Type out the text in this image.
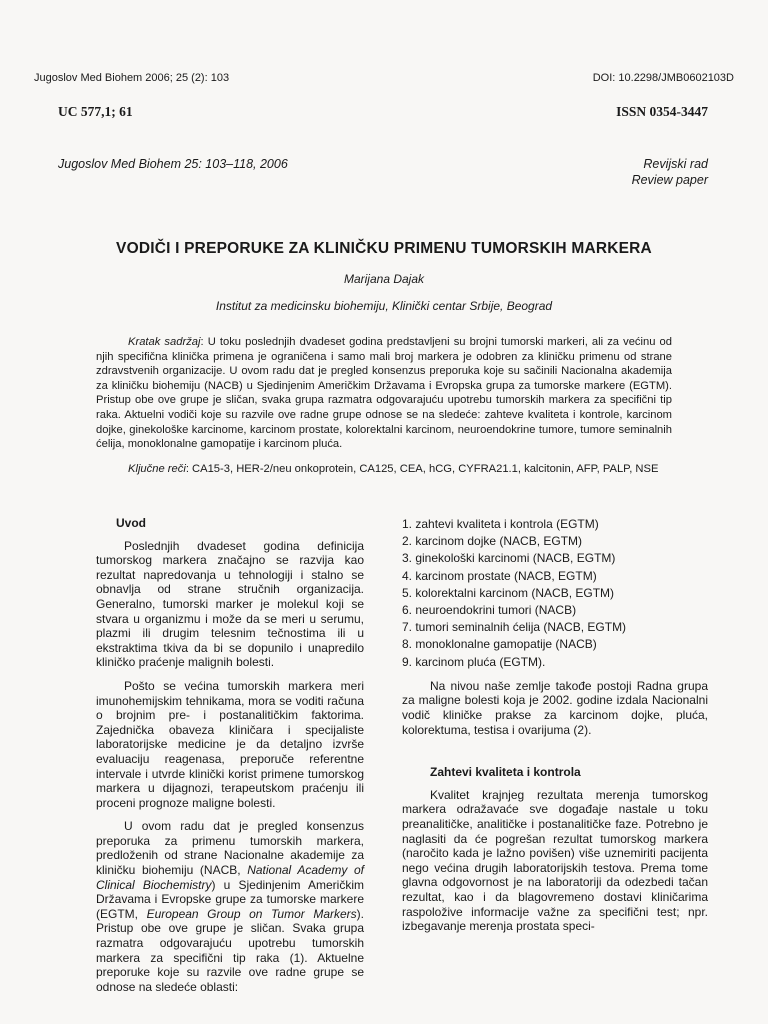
Jugoslov Med Biohem 2006; 25 (2): 103	DOI: 10.2298/JMB0602103D
UC 577,1; 61	ISSN 0354-3447
Jugoslov Med Biohem 25: 103–118, 2006	Revijski rad
Review paper
VODIČI I PREPORUKE ZA KLINIČKU PRIMENU TUMORSKIH MARKERA
Marijana Dajak
Institut za medicinsku biohemiju, Klinički centar Srbije, Beograd

Kratak sadržaj: U toku poslednjih dvadeset godina predstavljeni su brojni tumorski markeri, ali za većinu od njih specifična klinička primena je ograničena i samo mali broj markera je odobren za kliničku primenu od strane zdravstvenih organizacije. U ovom radu dat je pregled konsenzus preporuka koje su sačinili Nacionalna akademija za kliničku biohemiju (NACB) u Sjedinjenim Američkim Državama i Evropska grupa za tumorske markere (EGTM). Pristup obe ove grupe je sličan, svaka grupa razmatra odgovarajuću upotrebu tumorskih markera za specifični tip raka. Aktuelni vodiči koje su razvile ove radne grupe odnose se na sledeće: zahteve kvaliteta i kontrole, karcinom dojke, ginekološke karcinome, karcinom prostate, kolorektalni karcinom, neuroendokrine tumore, tumore seminalnih ćelija, monoklonalne gamopatije i karcinom pluća.

Ključne reči: CA15-3, HER-2/neu onkoprotein, CA125, CEA, hCG, CYFRA21.1, kalcitonin, AFP, PALP, NSE

Uvod

Poslednjih dvadeset godina definicija tumorskog markera značajno se razvija kao rezultat napredovanja u tehnologiji i stalno se obnavlja od strane stručnih organizacija. Generalno, tumorski marker je molekul koji se stvara u organizmu i može da se meri u serumu, plazmi ili drugim telesnim tečnostima ili u ekstraktima tkiva da bi se dopunilo i unapredilo kliničko praćenje malignih bolesti.

Pošto se većina tumorskih markera meri imunohemijskim tehnikama, mora se voditi računa o brojnim pre- i postanalitičkim faktorima. Zajednička obaveza kliničara i specijaliste laboratorijske medicine je da detaljno izvrše evaluaciju reagenasa, preporuče referentne intervale i utvrde klinički korist primene tumorskog markera u dijagnozi, terapeutskom praćenju ili proceni prognoze maligne bolesti.

U ovom radu dat je pregled konsenzus preporuka za primenu tumorskih markera, predloženih od strane Nacionalne akademije za kliničku biohemiju (NACB, National Academy of Clinical Biochemistry) u Sjedinjenim Američkim Državama i Evropske grupe za tumorske markere (EGTM, European Group on Tumor Markers). Pristup obe ove grupe je sličan. Svaka grupa razmatra odgovarajuću upotrebu tumorskih markera za specifični tip raka (1). Aktuelne preporuke koje su razvile ove radne grupe se odnose na sledeće oblasti:

1. zahtevi kvaliteta i kontrola (EGTM)
2. karcinom dojke (NACB, EGTM)
3. ginekološki karcinomi (NACB, EGTM)
4. karcinom prostate (NACB, EGTM)
5. kolorektalni karcinom (NACB, EGTM)
6. neuroendokrini tumori (NACB)
7. tumori seminalnih ćelija (NACB, EGTM)
8. monoklonalne gamopatije (NACB)
9. karcinom pluća (EGTM).

Na nivou naše zemlje takođe postoji Radna grupa za maligne bolesti koja je 2002. godine izdala Nacionalni vodič kliničke prakse za karcinom dojke, pluća, kolorektuma, testisa i ovarijuma (2).

Zahtevi kvaliteta i kontrola

Kvalitet krajnjeg rezultata merenja tumorskog markera odražavaće sve događaje nastale u toku preanalitičke, analitičke i postanalitičke faze. Potrebno je naglasiti da će pogrešan rezultat tumorskog markera (naročito kada je lažno povišen) više uznemiriti pacijenta nego većina drugih laboratorijskih testova. Prema tome glavna odgovornost je na laboratoriji da odezbedi tačan rezultat, kao i da blagovremeno dostavi kliničarima raspoložive informacije važne za specifični test; npr. izbegavanje merenja prostata speci-
